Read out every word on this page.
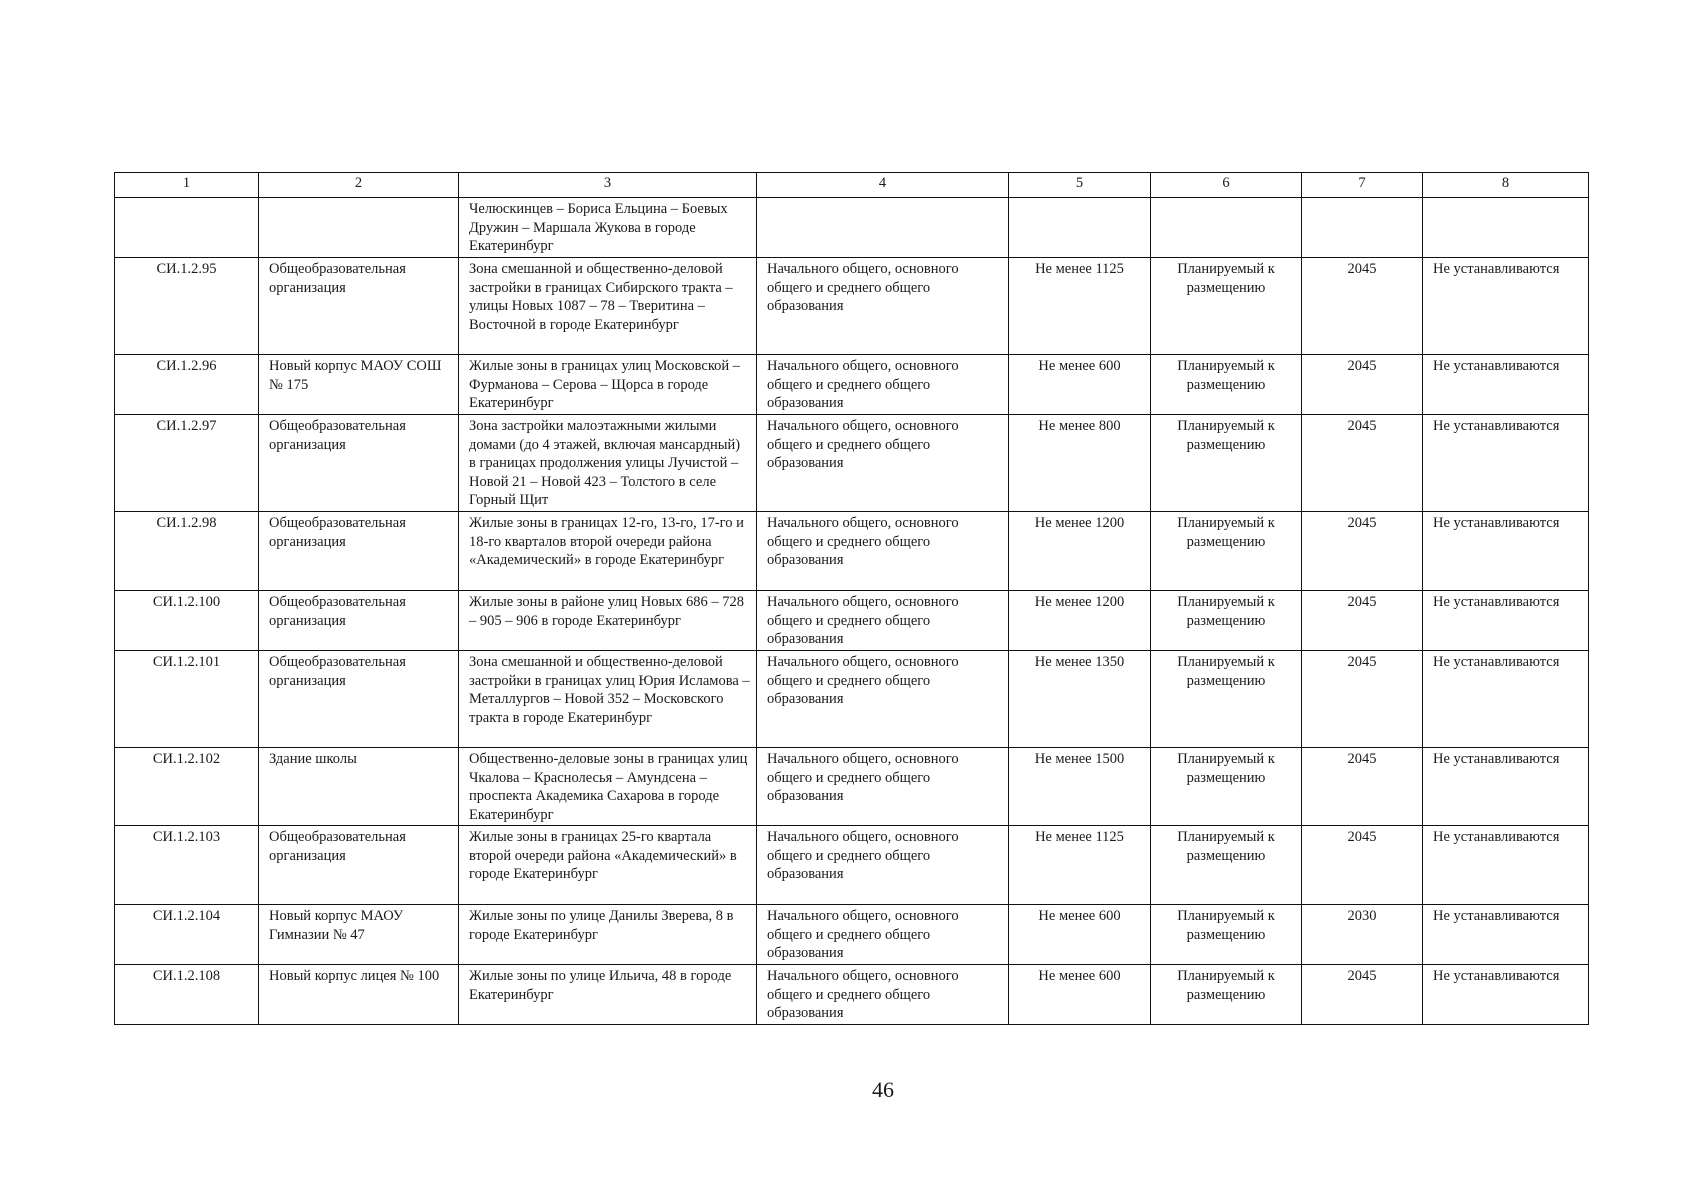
1	2	3	4	5	6	7	8
		Челюскинцев – Бориса Ельцина – Боевых Дружин – Маршала Жукова в городе Екатеринбург					
СИ.1.2.95	Общеобразовательная организация	Зона смешанной и общественно-деловой застройки в границах Сибирского тракта – улицы Новых 1087 – 78 – Тверитина – Восточной в городе Екатеринбург	Начального общего, основного общего и среднего общего образования	Не менее 1125	Планируемый к размещению	2045	Не устанавливаются
СИ.1.2.96	Новый корпус МАОУ СОШ № 175	Жилые зоны в границах улиц Московской – Фурманова – Серова – Щорса в городе Екатеринбург	Начального общего, основного общего и среднего общего образования	Не менее 600	Планируемый к размещению	2045	Не устанавливаются
СИ.1.2.97	Общеобразовательная организация	Зона застройки малоэтажными жилыми домами (до 4 этажей, включая мансардный) в границах продолжения улицы Лучистой – Новой 21 – Новой 423 – Толстого в селе Горный Щит	Начального общего, основного общего и среднего общего образования	Не менее 800	Планируемый к размещению	2045	Не устанавливаются
СИ.1.2.98	Общеобразовательная организация	Жилые зоны в границах 12-го, 13-го, 17-го и 18-го кварталов второй очереди района «Академический» в городе Екатеринбург	Начального общего, основного общего и среднего общего образования	Не менее 1200	Планируемый к размещению	2045	Не устанавливаются
СИ.1.2.100	Общеобразовательная организация	Жилые зоны в районе улиц Новых 686 – 728 – 905 – 906 в городе Екатеринбург	Начального общего, основного общего и среднего общего образования	Не менее 1200	Планируемый к размещению	2045	Не устанавливаются
СИ.1.2.101	Общеобразовательная организация	Зона смешанной и общественно-деловой застройки в границах улиц Юрия Исламова – Металлургов – Новой 352 – Московского тракта в городе Екатеринбург	Начального общего, основного общего и среднего общего образования	Не менее 1350	Планируемый к размещению	2045	Не устанавливаются
СИ.1.2.102	Здание школы	Общественно-деловые зоны в границах улиц Чкалова – Краснолесья – Амундсена – проспекта Академика Сахарова в городе Екатеринбург	Начального общего, основного общего и среднего общего образования	Не менее 1500	Планируемый к размещению	2045	Не устанавливаются
СИ.1.2.103	Общеобразовательная организация	Жилые зоны в границах 25-го квартала второй очереди района «Академический» в городе Екатеринбург	Начального общего, основного общего и среднего общего образования	Не менее 1125	Планируемый к размещению	2045	Не устанавливаются
СИ.1.2.104	Новый корпус МАОУ Гимназии № 47	Жилые зоны по улице Данилы Зверева, 8 в городе Екатеринбург	Начального общего, основного общего и среднего общего образования	Не менее 600	Планируемый к размещению	2030	Не устанавливаются
СИ.1.2.108	Новый корпус лицея № 100	Жилые зоны по улице Ильича, 48 в городе Екатеринбург	Начального общего, основного общего и среднего общего образования	Не менее 600	Планируемый к размещению	2045	Не устанавливаются
46
